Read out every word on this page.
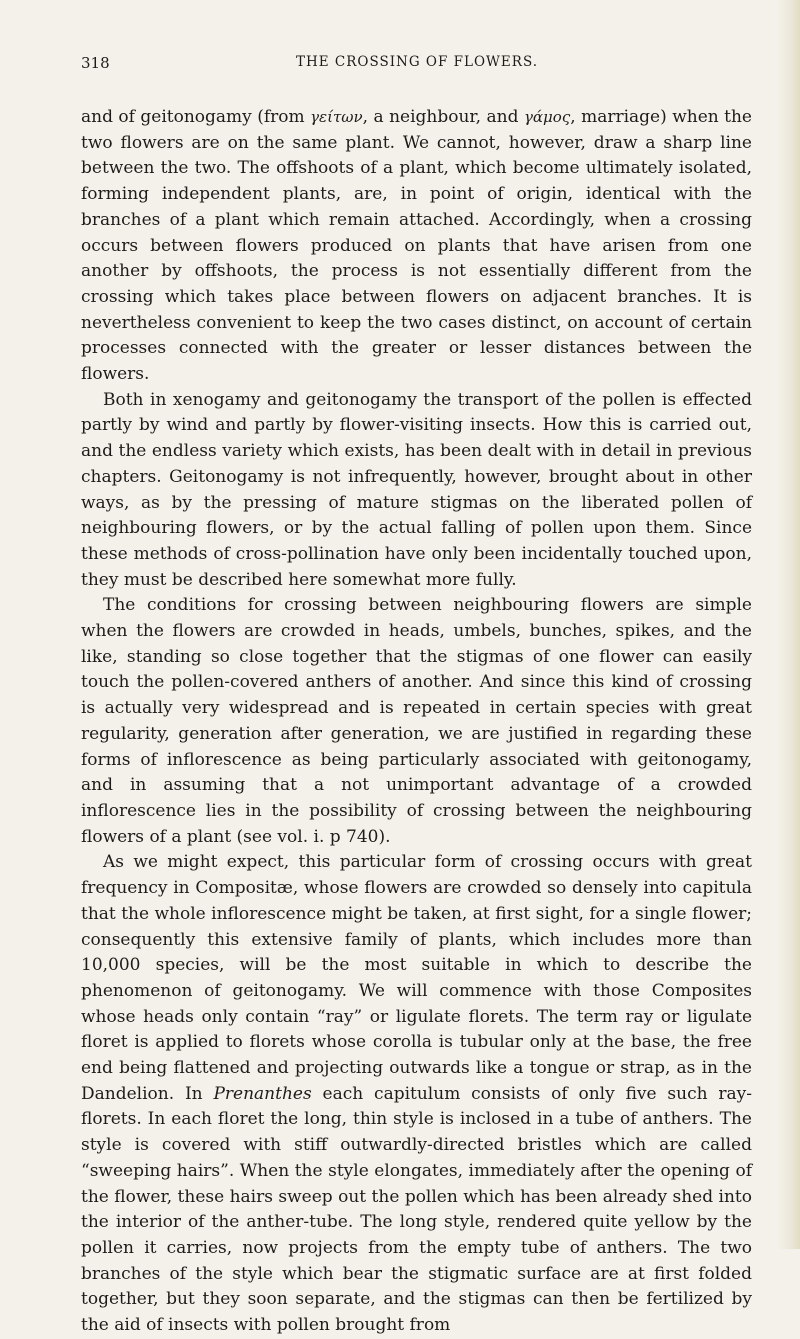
318	THE CROSSING OF FLOWERS.

and of geitonogamy (from γείτων, a neighbour, and γάμος, marriage) when the two flowers are on the same plant. We cannot, however, draw a sharp line between the two. The offshoots of a plant, which become ultimately isolated, forming independent plants, are, in point of origin, identical with the branches of a plant which remain attached. Accordingly, when a crossing occurs between flowers produced on plants that have arisen from one another by offshoots, the process is not essentially different from the crossing which takes place between flowers on adjacent branches. It is nevertheless convenient to keep the two cases distinct, on account of certain processes connected with the greater or lesser distances between the flowers.

Both in xenogamy and geitonogamy the transport of the pollen is effected partly by wind and partly by flower-visiting insects. How this is carried out, and the endless variety which exists, has been dealt with in detail in previous chapters. Geitonogamy is not infrequently, however, brought about in other ways, as by the pressing of mature stigmas on the liberated pollen of neighbouring flowers, or by the actual falling of pollen upon them. Since these methods of cross-pollination have only been incidentally touched upon, they must be described here somewhat more fully.

The conditions for crossing between neighbouring flowers are simple when the flowers are crowded in heads, umbels, bunches, spikes, and the like, standing so close together that the stigmas of one flower can easily touch the pollen-covered anthers of another. And since this kind of crossing is actually very widespread and is repeated in certain species with great regularity, generation after generation, we are justified in regarding these forms of inflorescence as being particularly associated with geitonogamy, and in assuming that a not unimportant advantage of a crowded inflorescence lies in the possibility of crossing between the neighbouring flowers of a plant (see vol. i. p 740).

As we might expect, this particular form of crossing occurs with great frequency in Compositæ, whose flowers are crowded so densely into capitula that the whole inflorescence might be taken, at first sight, for a single flower; consequently this extensive family of plants, which includes more than 10,000 species, will be the most suitable in which to describe the phenomenon of geitonogamy. We will commence with those Composites whose heads only contain “ray” or ligulate florets. The term ray or ligulate floret is applied to florets whose corolla is tubular only at the base, the free end being flattened and projecting outwards like a tongue or strap, as in the Dandelion. In Prenanthes each capitulum consists of only five such ray-florets. In each floret the long, thin style is inclosed in a tube of anthers. The style is covered with stiff outwardly-directed bristles which are called “sweeping hairs”. When the style elongates, immediately after the opening of the flower, these hairs sweep out the pollen which has been already shed into the interior of the anther-tube. The long style, rendered quite yellow by the pollen it carries, now projects from the empty tube of anthers. The two branches of the style which bear the stigmatic surface are at first folded together, but they soon separate, and the stigmas can then be fertilized by the aid of insects with pollen brought from
